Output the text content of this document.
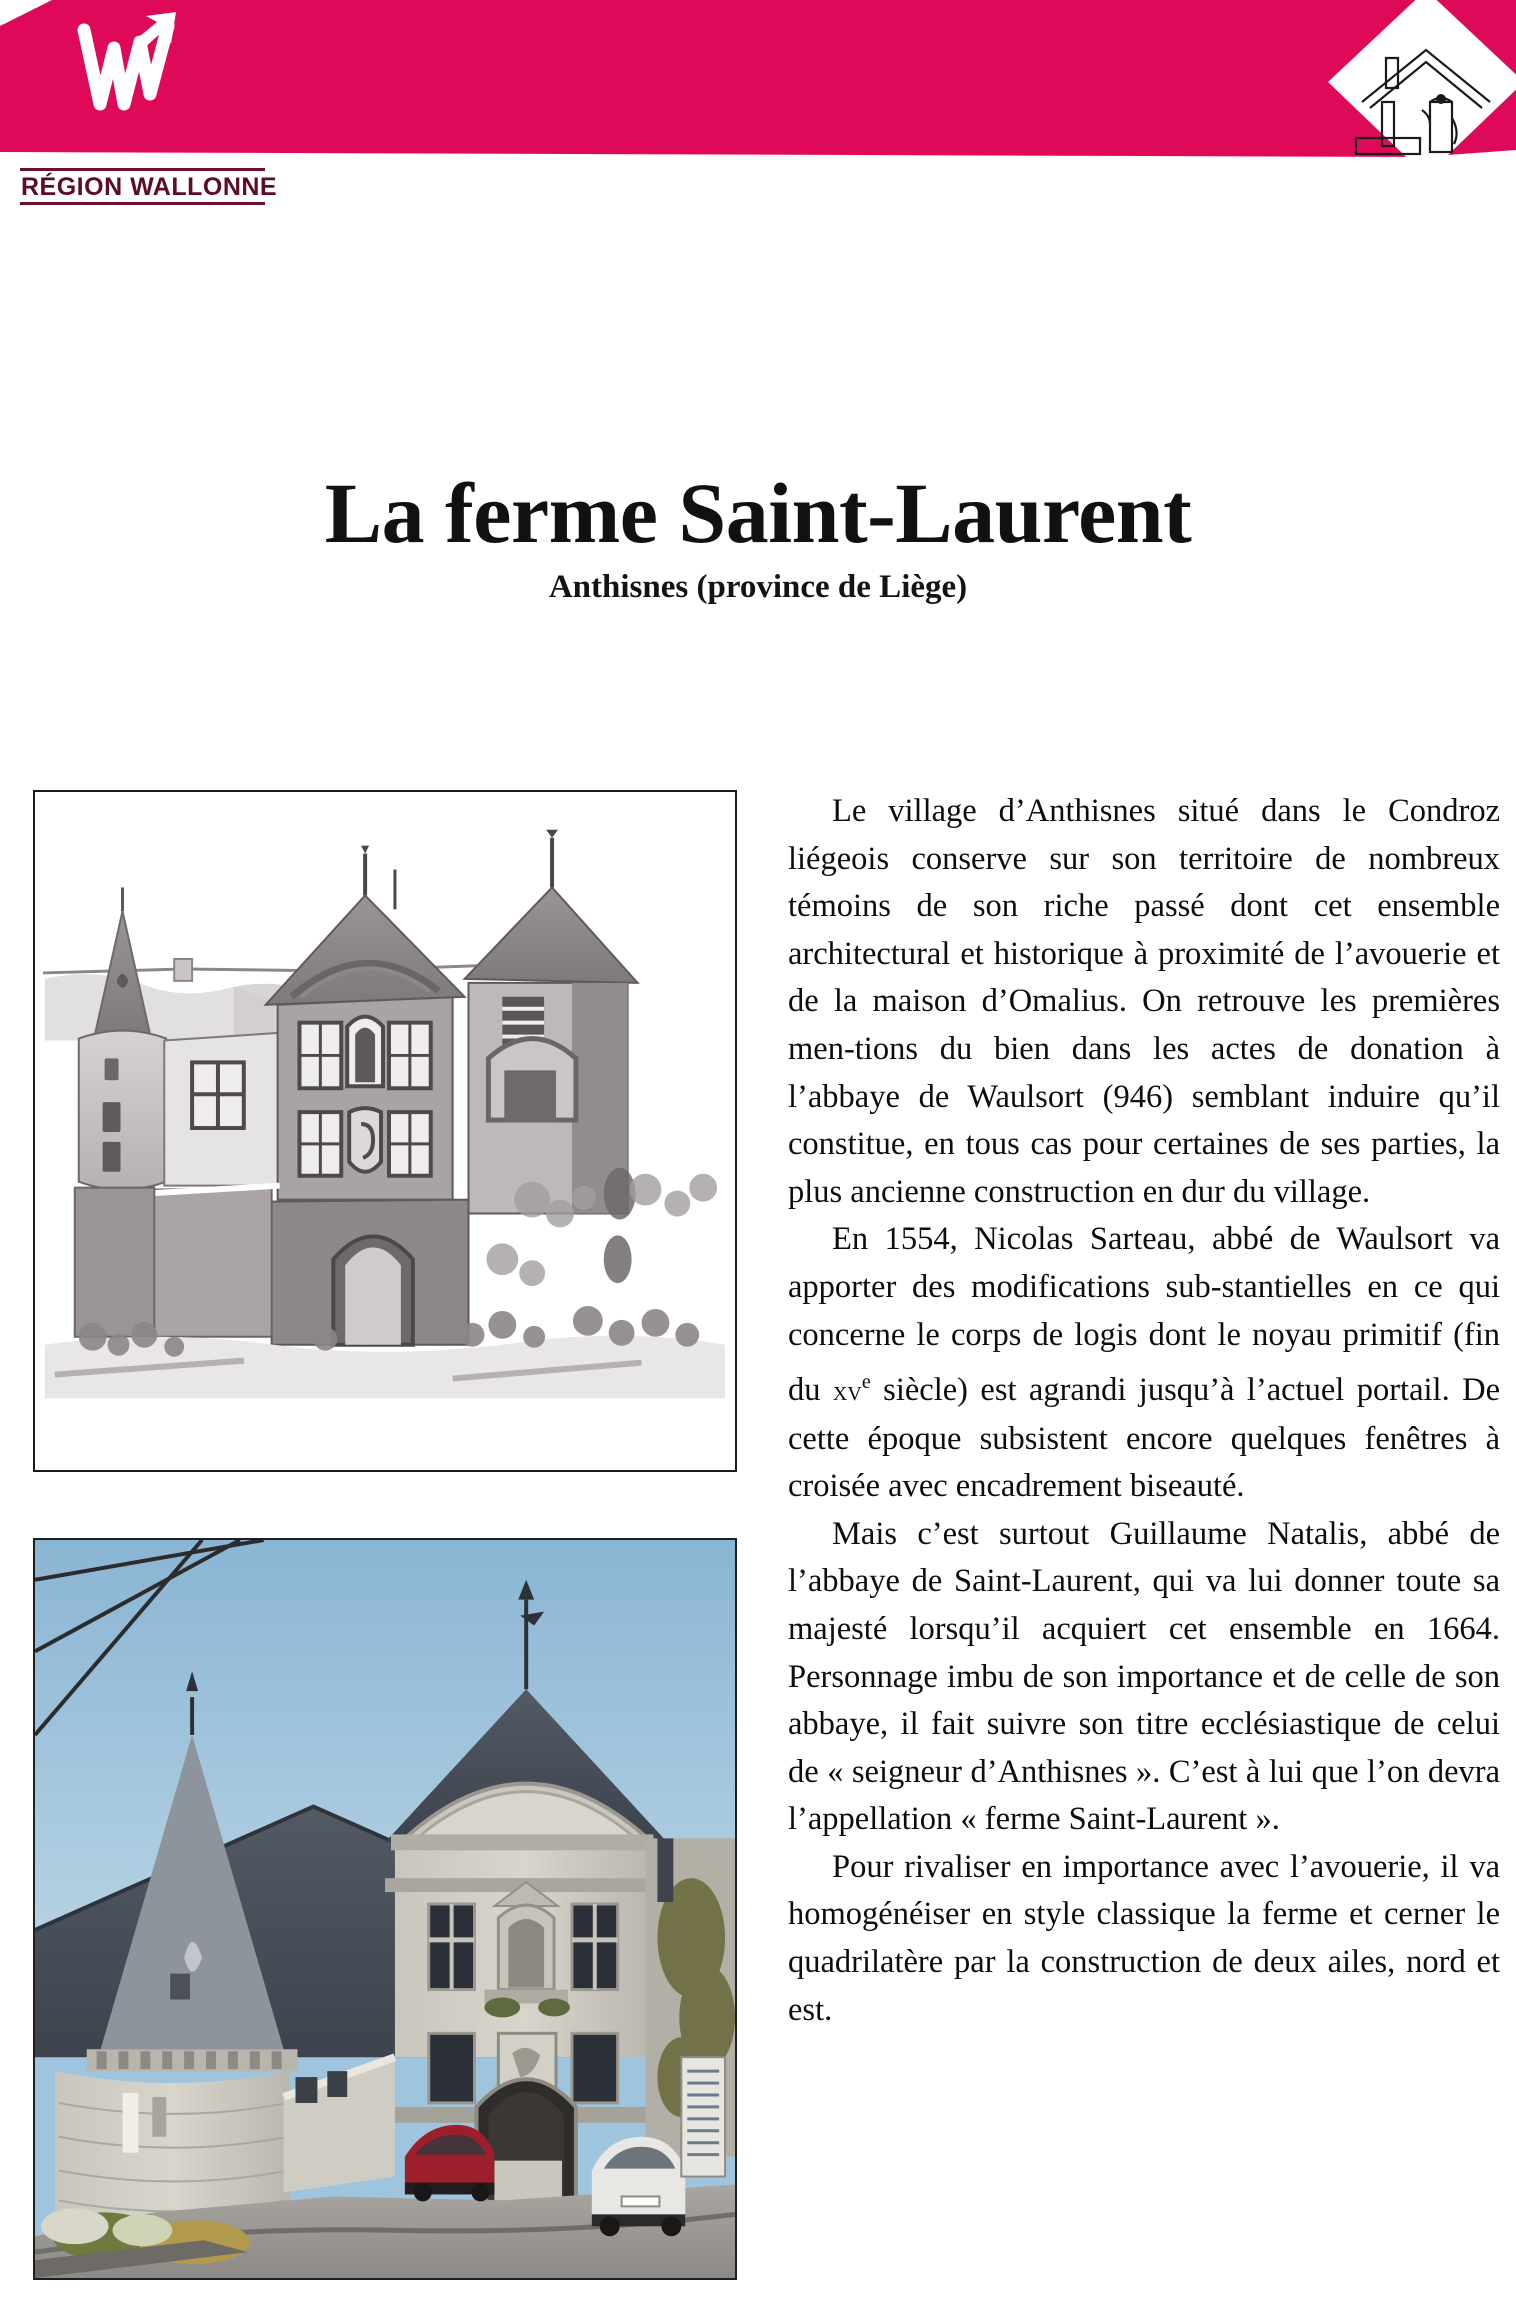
RÉGION WALLONNE
La ferme Saint-Laurent
Anthisnes (province de Liège)

Le village d’Anthisnes situé dans le Condroz liégeois conserve sur son territoire de nombreux témoins de son riche passé dont cet ensemble architectural et historique à proximité de l’avouerie et de la maison d’Omalius. On retrouve les premières men-tions du bien dans les actes de donation à l’abbaye de Waulsort (946) semblant induire qu’il constitue, en tous cas pour certaines de ses parties, la plus ancienne construction en dur du village.

En 1554, Nicolas Sarteau, abbé de Waulsort va apporter des modifications sub-stantielles en ce qui concerne le corps de logis dont le noyau primitif (fin du $xv^e$ siècle) est agrandi jusqu’à l’actuel portail. De cette époque subsistent encore quelques fenêtres à croisée avec encadrement biseauté.

Mais c’est surtout Guillaume Natalis, abbé de l’abbaye de Saint-Laurent, qui va lui donner toute sa majesté lorsqu’il acquiert cet ensemble en 1664. Personnage imbu de son importance et de celle de son abbaye, il fait suivre son titre ecclésiastique de celui de « seigneur d’Anthisnes ». C’est à lui que l’on devra l’appellation « ferme Saint-Laurent ».

Pour rivaliser en importance avec l’avouerie, il va homogénéiser en style classique la ferme et cerner le quadrilatère par la construction de deux ailes, nord et est.
